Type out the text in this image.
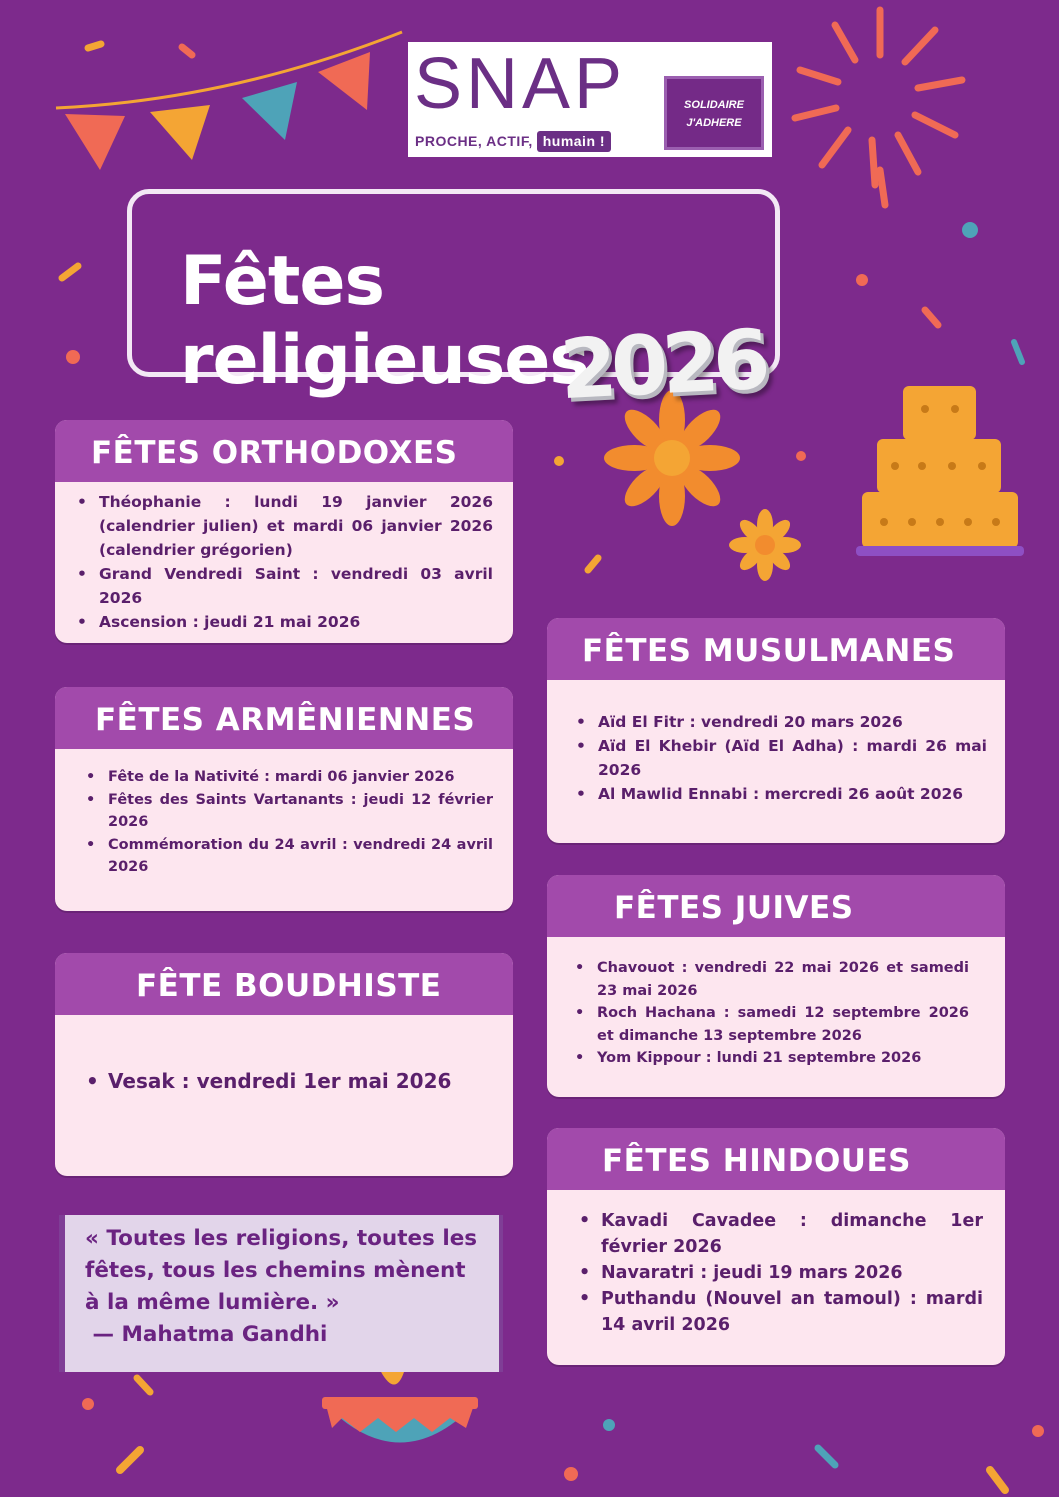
SNAP
PROCHE, ACTIF, humain !
SOLIDAIRE
J'ADHERE
Fêtes religieuses
2026
FÊTES ORTHODOXES
• Théophanie : lundi 19 janvier 2026 (calendrier julien) et mardi 06 janvier 2026 (calendrier grégorien)
• Grand Vendredi Saint : vendredi 03 avril 2026
• Ascension : jeudi 21 mai 2026
FÊTES ARMÊNIENNES
• Fête de la Nativité : mardi 06 janvier 2026
• Fêtes des Saints Vartanants : jeudi 12 février 2026
• Commémoration du 24 avril : vendredi 24 avril 2026
FÊTE BOUDHISTE
• Vesak : vendredi 1er mai 2026
FÊTES MUSULMANES
• Aïd El Fitr : vendredi 20 mars 2026
• Aïd El Khebir (Aïd El Adha) : mardi 26 mai 2026
• Al Mawlid Ennabi : mercredi 26 août 2026
FÊTES JUIVES
• Chavouot : vendredi 22 mai 2026 et samedi 23 mai 2026
• Roch Hachana : samedi 12 septembre 2026 et dimanche 13 septembre 2026
• Yom Kippour : lundi 21 septembre 2026
FÊTES HINDOUES
• Kavadi Cavadee : dimanche 1er février 2026
• Navaratri : jeudi 19 mars 2026
• Puthandu (Nouvel an tamoul) : mardi 14 avril 2026
« Toutes les religions, toutes les fêtes, tous les chemins mènent à la même lumière. »
— Mahatma Gandhi
